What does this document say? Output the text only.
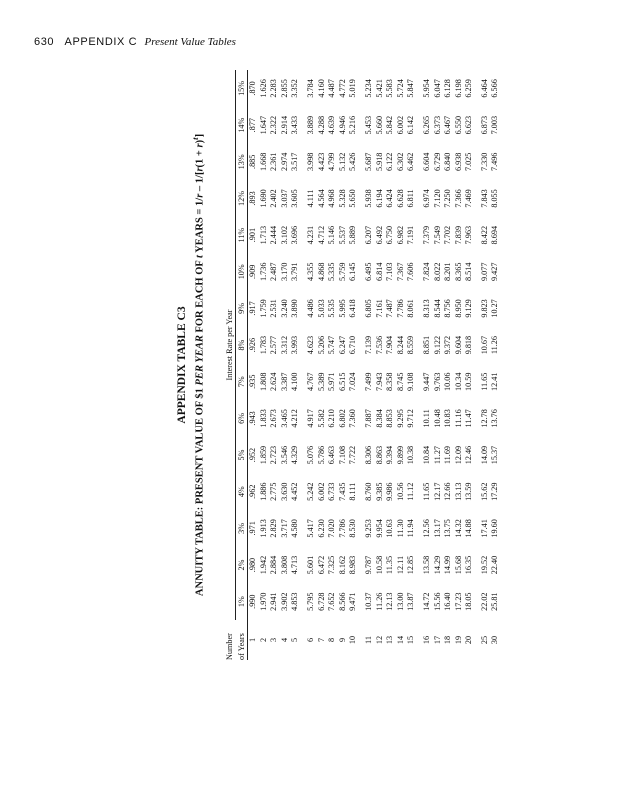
630 APPENDIX C Present Value Tables
APPENDIX TABLE C3
ANNUITY TABLE: PRESENT VALUE OF $1 PER YEAR FOR EACH OF t YEARS = $1/r - 1/[r(1 + r)^t]$
Number	Interest Rate per Year														
of Years	1%	2%	3%	4%	5%	6%	7%	8%	9%	10%	11%	12%	13%	14%	15%
1	.990	.980	.971	.962	.952	.943	.935	.926	.917	.909	.901	.893	.885	.877	.870
2	1.970	1.942	1.913	1.886	1.859	1.833	1.808	1.783	1.759	1.736	1.713	1.690	1.668	1.647	1.626
3	2.941	2.884	2.829	2.775	2.723	2.673	2.624	2.577	2.531	2.487	2.444	2.402	2.361	2.322	2.283
4	3.902	3.808	3.717	3.630	3.546	3.465	3.387	3.312	3.240	3.170	3.102	3.037	2.974	2.914	2.855
5	4.853	4.713	4.580	4.452	4.329	4.212	4.100	3.993	3.890	3.791	3.696	3.605	3.517	3.433	3.352

6	5.795	5.601	5.417	5.242	5.076	4.917	4.767	4.623	4.486	4.355	4.231	4.111	3.998	3.889	3.784
7	6.728	6.472	6.230	6.002	5.786	5.582	5.389	5.206	5.033	4.868	4.712	4.564	4.423	4.288	4.160
8	7.652	7.325	7.020	6.733	6.463	6.210	5.971	5.747	5.535	5.335	5.146	4.968	4.799	4.639	4.487
9	8.566	8.162	7.786	7.435	7.108	6.802	6.515	6.247	5.995	5.759	5.537	5.328	5.132	4.946	4.772
10	9.471	8.983	8.530	8.111	7.722	7.360	7.024	6.710	6.418	6.145	5.889	5.650	5.426	5.216	5.019

11	10.37	9.787	9.253	8.760	8.306	7.887	7.499	7.139	6.805	6.495	6.207	5.938	5.687	5.453	5.234
12	11.26	10.58	9.954	9.385	8.863	8.384	7.943	7.536	7.161	6.814	6.492	6.194	5.918	5.660	5.421
13	12.13	11.35	10.63	9.986	9.394	8.853	8.358	7.904	7.487	7.103	6.750	6.424	6.122	5.842	5.583
14	13.00	12.11	11.30	10.56	9.899	9.295	8.745	8.244	7.786	7.367	6.982	6.628	6.302	6.002	5.724
15	13.87	12.85	11.94	11.12	10.38	9.712	9.108	8.559	8.061	7.606	7.191	6.811	6.462	6.142	5.847

16	14.72	13.58	12.56	11.65	10.84	10.11	9.447	8.851	8.313	7.824	7.379	6.974	6.604	6.265	5.954
17	15.56	14.29	13.17	12.17	11.27	10.48	9.763	9.122	8.544	8.022	7.549	7.120	6.729	6.373	6.047
18	16.40	14.99	13.75	12.66	11.69	10.83	10.06	9.372	8.756	8.201	7.702	7.250	6.840	6.467	6.128
19	17.23	15.68	14.32	13.13	12.09	11.16	10.34	9.604	8.950	8.365	7.839	7.366	6.938	6.550	6.198
20	18.05	16.35	14.88	13.59	12.46	11.47	10.59	9.818	9.129	8.514	7.963	7.469	7.025	6.623	6.259

25	22.02	19.52	17.41	15.62	14.09	12.78	11.65	10.67	9.823	9.077	8.422	7.843	7.330	6.873	6.464
30	25.81	22.40	19.60	17.29	15.37	13.76	12.41	11.26	10.27	9.427	8.694	8.055	7.496	7.003	6.566
